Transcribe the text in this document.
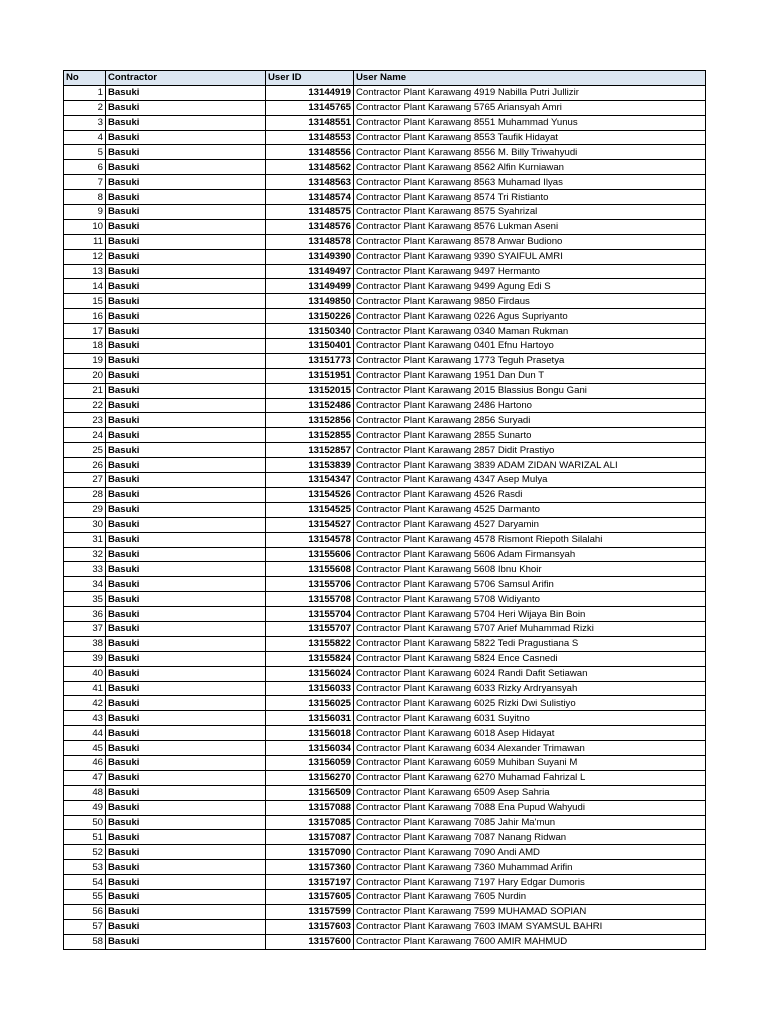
No	Contractor	User ID	User Name
1	Basuki	13144919	Contractor Plant Karawang 4919 Nabilla Putri Jullizir
2	Basuki	13145765	Contractor Plant Karawang 5765 Ariansyah Amri
3	Basuki	13148551	Contractor Plant Karawang 8551 Muhammad Yunus
4	Basuki	13148553	Contractor Plant Karawang 8553 Taufik Hidayat
5	Basuki	13148556	Contractor Plant Karawang 8556 M. Billy Triwahyudi
6	Basuki	13148562	Contractor Plant Karawang 8562 Alfin Kurniawan
7	Basuki	13148563	Contractor Plant Karawang 8563 Muhamad Ilyas
8	Basuki	13148574	Contractor Plant Karawang 8574 Tri Ristianto
9	Basuki	13148575	Contractor Plant Karawang 8575 Syahrizal
10	Basuki	13148576	Contractor Plant Karawang 8576 Lukman Aseni
11	Basuki	13148578	Contractor Plant Karawang 8578 Anwar Budiono
12	Basuki	13149390	Contractor Plant Karawang 9390 SYAIFUL AMRI
13	Basuki	13149497	Contractor Plant Karawang 9497 Hermanto
14	Basuki	13149499	Contractor Plant Karawang 9499 Agung Edi S
15	Basuki	13149850	Contractor Plant Karawang 9850 Firdaus
16	Basuki	13150226	Contractor Plant Karawang 0226 Agus Supriyanto
17	Basuki	13150340	Contractor Plant Karawang 0340 Maman Rukman
18	Basuki	13150401	Contractor Plant Karawang 0401 Efnu Hartoyo
19	Basuki	13151773	Contractor Plant Karawang 1773 Teguh Prasetya
20	Basuki	13151951	Contractor Plant Karawang 1951 Dan Dun T
21	Basuki	13152015	Contractor Plant Karawang 2015 Blassius Bongu Gani
22	Basuki	13152486	Contractor Plant Karawang 2486 Hartono
23	Basuki	13152856	Contractor Plant Karawang 2856 Suryadi
24	Basuki	13152855	Contractor Plant Karawang 2855 Sunarto
25	Basuki	13152857	Contractor Plant Karawang 2857 Didit Prastiyo
26	Basuki	13153839	Contractor Plant Karawang 3839 ADAM ZIDAN WARIZAL ALI
27	Basuki	13154347	Contractor Plant Karawang 4347 Asep Mulya
28	Basuki	13154526	Contractor Plant Karawang 4526 Rasdi
29	Basuki	13154525	Contractor Plant Karawang 4525 Darmanto
30	Basuki	13154527	Contractor Plant Karawang 4527 Daryamin
31	Basuki	13154578	Contractor Plant Karawang 4578 Rismont Riepoth Silalahi
32	Basuki	13155606	Contractor Plant Karawang 5606 Adam Firmansyah
33	Basuki	13155608	Contractor Plant Karawang 5608 Ibnu Khoir
34	Basuki	13155706	Contractor Plant Karawang 5706 Samsul Arifin
35	Basuki	13155708	Contractor Plant Karawang 5708 Widiyanto
36	Basuki	13155704	Contractor Plant Karawang 5704 Heri Wijaya Bin Boin
37	Basuki	13155707	Contractor Plant Karawang 5707 Arief Muhammad Rizki
38	Basuki	13155822	Contractor Plant Karawang 5822 Tedi Pragustiana S
39	Basuki	13155824	Contractor Plant Karawang 5824 Ence Casnedi
40	Basuki	13156024	Contractor Plant Karawang 6024 Randi Dafit Setiawan
41	Basuki	13156033	Contractor Plant Karawang 6033 Rizky Ardryansyah
42	Basuki	13156025	Contractor Plant Karawang 6025 Rizki Dwi Sulistiyo
43	Basuki	13156031	Contractor Plant Karawang 6031 Suyitno
44	Basuki	13156018	Contractor Plant Karawang 6018 Asep Hidayat
45	Basuki	13156034	Contractor Plant Karawang 6034 Alexander Trimawan
46	Basuki	13156059	Contractor Plant Karawang 6059 Muhiban Suyani M
47	Basuki	13156270	Contractor Plant Karawang 6270 Muhamad Fahrizal L
48	Basuki	13156509	Contractor Plant Karawang 6509 Asep Sahria
49	Basuki	13157088	Contractor Plant Karawang 7088 Ena Pupud Wahyudi
50	Basuki	13157085	Contractor Plant Karawang 7085 Jahir Ma'mun
51	Basuki	13157087	Contractor Plant Karawang 7087 Nanang Ridwan
52	Basuki	13157090	Contractor Plant Karawang 7090 Andi AMD
53	Basuki	13157360	Contractor Plant Karawang 7360 Muhammad Arifin
54	Basuki	13157197	Contractor Plant Karawang 7197 Hary Edgar Dumoris
55	Basuki	13157605	Contractor Plant Karawang 7605 Nurdin
56	Basuki	13157599	Contractor Plant Karawang 7599 MUHAMAD SOPIAN
57	Basuki	13157603	Contractor Plant Karawang 7603 IMAM SYAMSUL BAHRI
58	Basuki	13157600	Contractor Plant Karawang 7600 AMIR MAHMUD
